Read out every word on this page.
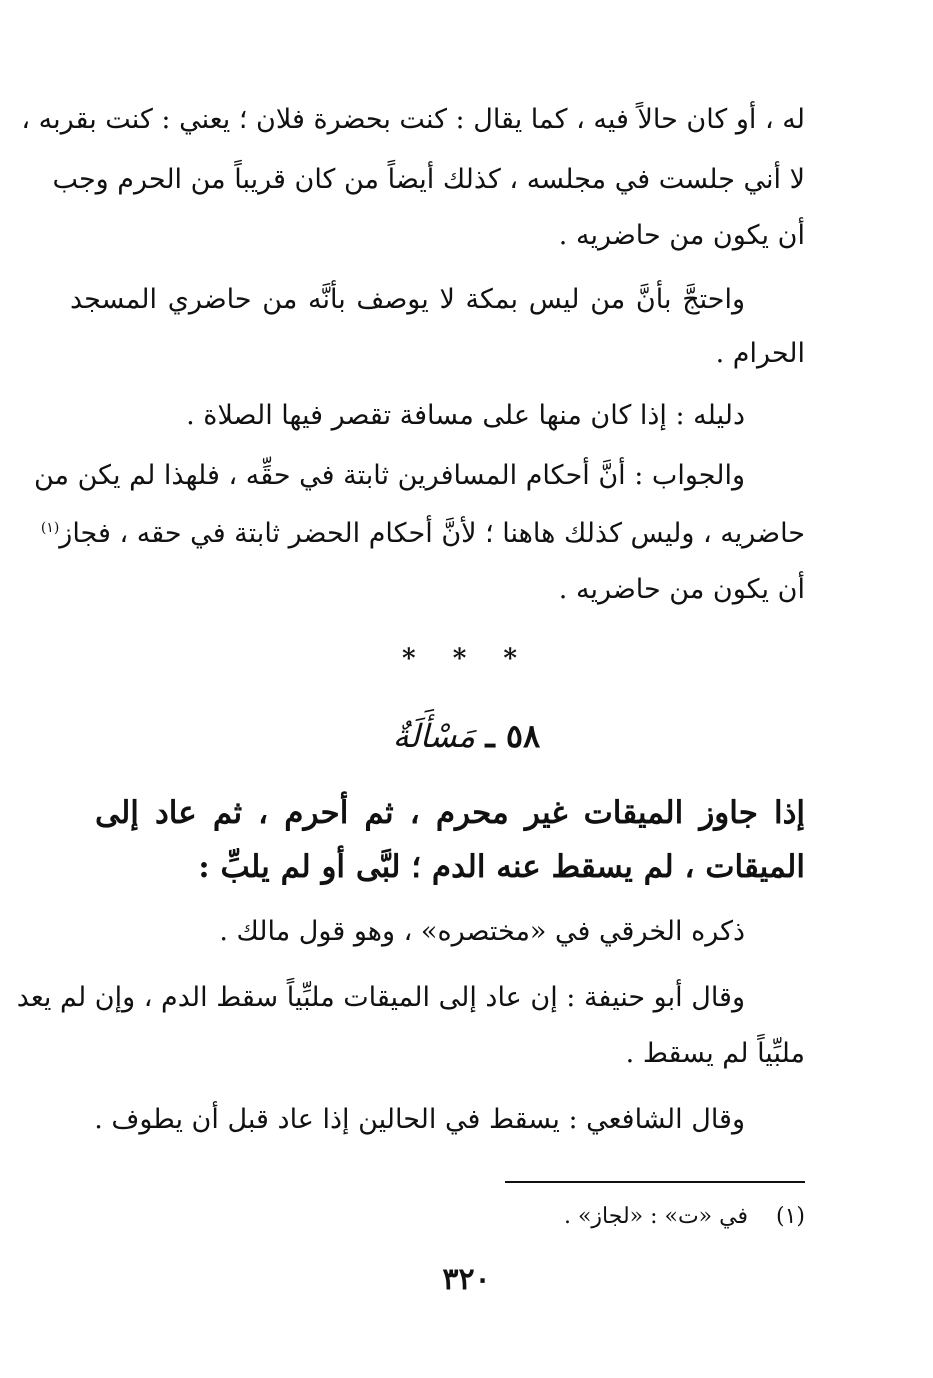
له ، أو كان حالاً فيه ، كما يقال : كنت بحضرة فلان ؛ يعني : كنت بقربه ،
لا أني جلست في مجلسه ، كذلك أيضاً من كان قريباً من الحرم وجب
أن يكون من حاضريه .
واحتجَّ بأنَّ من ليس بمكة لا يوصف بأنَّه من حاضري المسجد
الحرام .
دليله : إذا كان منها على مسافة تقصر فيها الصلاة .
والجواب : أنَّ أحكام المسافرين ثابتة في حقِّه ، فلهذا لم يكن من
حاضريه ، وليس كذلك هاهنا ؛ لأنَّ أحكام الحضر ثابتة في حقه ، فجاز$^{(١)}$
أن يكون من حاضريه .
* * *
٥٨ ـ مَسْأَلَةٌ
إذا جاوز الميقات غير محرم ، ثم أحرم ، ثم عاد إلى
الميقات ، لم يسقط عنه الدم ؛ لبَّى أو لم يلبِّ :
ذكره الخرقي في «مختصره» ، وهو قول مالك .
وقال أبو حنيفة : إن عاد إلى الميقات ملبِّياً سقط الدم ، وإن لم يعد
ملبِّياً لم يسقط .
وقال الشافعي : يسقط في الحالين إذا عاد قبل أن يطوف .
(١)  في «ت» : «لجاز» .
٣٢٠
